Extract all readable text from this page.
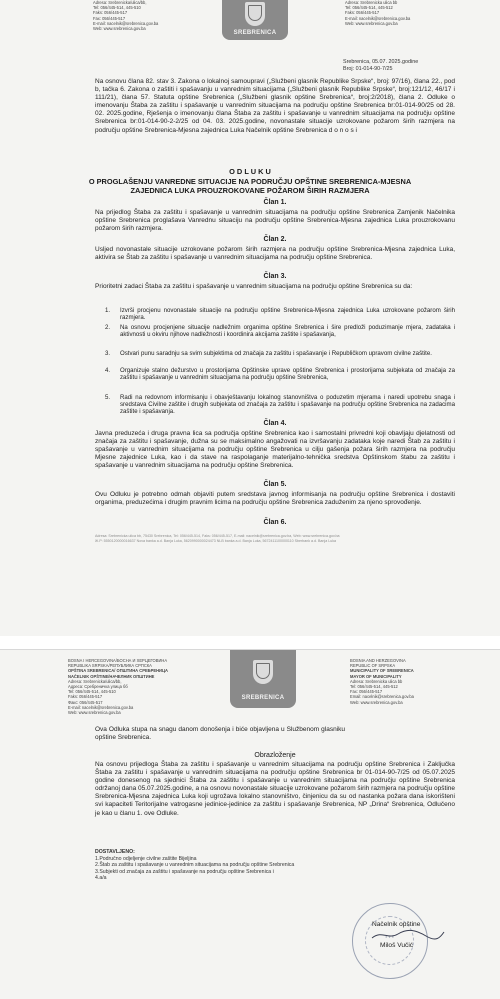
Adresa: Srebrenicka/ulica/bb,
Tel: 056/445-514, 445-510
Faks: 056/445-517
Fax: 056/445-517
E-mail: nacelnik@srebrenica.gov.ba
Web: www.srebrenica.gov.ba
SREBRENICA
Adresa: Srebrenicka ulica bb
Tel: 056/445-514, 445-512
Faks: 056/445-517
E-mail: nacelnik@srebrenica.gov.ba
Web: www.srebrenica.gov.ba
Srebrenica, 05.07. 2025.godine
Broj: 01-014-90-7/25
Na osnovu člana 82. stav 3. Zakona o lokalnoj samoupravi („Službeni glasnik Republike Srpske“, broj: 97/16), člana 22., pod b, tačka 6. Zakona o zaštiti i spašavanju u vanrednim situacijama („Službeni glasnik Republike Srpske“, broj:121/12, 46/17 i 111/21), člana 57. Statuta opštine Srebrenica („Službeni glasnik opštine Srebrenica“, broj:2/2018), člana 2. Odluke o imenovanju Štaba za zaštitu i spašavanje u vanrednim situacijama na području opštine Srebrenica br:01-014-90/25 od 28. 02. 2025.godine, Rješenja o imenovanju člana Štaba za zaštitu i spašavanje u vanrednim situacijama na području opštine Srebrenica br:01-014-90-2-2/25 od 04. 03. 2025.godine, novonastale situacije uzrokovane požarom širih razmjera na području opštine Srebrenica-Mjesna zajednica Luka Načelnik opštine Srebrenica d o n o s i
O D L U K U
O PROGLAŠENJU VANREDNE SITUACIJE NA PODRUČJU OPŠTINE SREBRENICA-MJESNA ZAJEDNICA LUKA PROUZROKOVANE POŽAROM ŠIRIH RAZMJERA
Član 1.
Na prijedlog Štaba za zaštitu i spašavanje u vanrednim situacijama na području opštine Srebrenica Zamjenik Načelnika opštine Srebrenica proglašava Vanrednu situaciju na području opštine Srebrenica-Mjesna zajednica Luka prouzrokovanu požarom širih razmjera.
Član 2.
Usljed novonastale situacije uzrokovane požarom širih razmjera na području opštine Srebrenica-Mjesna zajednica Luka, aktivira se Štab za zaštitu i spašavanje u vanrednim situacijama na području opštine Srebrenica.
Član 3.
Prioritetni zadaci Štaba za zaštitu i spašavanje u vanrednim situacijama na području opštine Srebrenica su da:
1. Izvrši procjenu novonastale situacije na području opštine Srebrenica-Mjesna zajednica Luka uzrokovane požarom širih razmjera.
2. Na osnovu procjenjene situacije nadležnim organima opštine Srebrenica i šire predloži poduzimanje mjera, zadataka i aktivnosti u okviru njihove nadležnosti i koordinira akcijama zaštite i spašavanja,
3. Ostvari punu saradnju sa svim subjektima od značaja za zaštitu i spašavanje i Republičkom upravom civilne zaštite.
4. Organizuje stalno dežurstvo u prostorijama Opštinske uprave opštine Srebrenica i prostorijama subjekata od značaja za zaštitu i spašavanje u vanrednim situacijama na području opštine Srebrenica,
5. Radi na redovnom informisanju i obavještavanju lokalnog stanovništva o poduzetim mjerama i naredi upotrebu snaga i sredstava Civilne zaštite i drugih subjekata od značaja za zaštitu i spašavanje na području opštine Srebrenica na zadacima zaštite i spašavanja.
Član 4.
Javna preduzeća i druga pravna lica sa područja opštine Srebrenica kao i samostalni privredni koji obavljaju djelatnosti od značaja za zaštitu i spašavanje, dužna su se maksimalno angažovati na izvršavanju zadataka koje naredi Štab za zaštitu i spašavanje u vanrednim situacijama na području opštine Srebrenica u cilju gašenja požara širih razmjera na području Mjesne zajednice Luka, kao i da stave na raspolaganje materijalno-tehnička sredstva Opštinskom štabu za zaštitu i spašavanje u vanrednim situacijama na području opštine Srebrenica.
Član 5.
Ovu Odluku je potrebno odmah objaviti putem sredstava javnog informisanja na području opštine Srebrenica i dostaviti organima, preduzećima i drugim pravnim licima na području opštine Srebrenica zaduženim za njeno sprovođenje.
Član 6.
Adresa: Srebrenicka ulica bb, 75430 Srebrenica, Tel: 056/445-514, Faks: 056/445-517, E-mail: nacelnik@srebrenica.gov.ba, Web: www.srebrenica.gov.ba
Ж.Р: 5550120000016637 Nova banka a.d. Banja Luka, 5620990000024473 NLB banka a.d. Banja Luka, 5672411100000110 Sberbank a.d. Banja Luka
BOSNA I HERCEGOVINA/БОСНА И ХЕРЦЕГОВИНА
REPUBLIKA SRPSKA/РЕПУБЛИКА СРПСКА
OPŠTINA SREBRENICA/ ОПШТИНА СРЕБРЕНИЦА
NAČELNIK OPŠTINE/НАЧЕЛНИК ОПШТИНЕ
Adresa: Srebrenicka/ulica/bb,
Адреса: Сребреничка улица бб
Tel: 056/445-514, 445-510
Faks: 056/445-517
Факс: 056/445-517
E-mail: nacelnik@srebrenica.gov.ba
Web: www.srebrenica.gov.ba
SREBRENICA
BOSNIA AND HERZEGOVINA
REPUBLIC OF SRPSKA
MUNICIPALITY OF SREBRENICA
MAYOR OF MUNICIPALITY
Adresa: Srebrenicka ulica bb
Tel: 056/445-514, 445-512
Fax: 056/445-517
Email: nacelnik@srebrenica.gov.ba
Web: www.srebrenica.gov.ba
Ova Odluka stupa na snagu danom donošenja i biće objavljena u Službenom glasniku opštine Srebrenica.
Obrazloženje
Na osnovu prijedloga Štaba za zaštitu i spašavanje u vanrednim situacijama na području opštine Srebrenica i Zaključka Štaba za zaštitu i spašavanje u vanrednim situacijama na području opštine Srebrenica br 01-014-90-7/25 od 05.07.2025 godine donesenog na sjednici Štaba za zaštitu i spašavanje u vanrednim situacijama na području opštine Srebrenica održanoj dana 05.07.2025.godine, a na osnovu novonastale situacije uzrokovane požarom širih razmjera na području opštine Srebrenica-Mjesna zajednica Luka koji ugrožava lokalno stanovništvo, činjenicu da su od nastanka požara dana iskorišteni svi kapaciteti Teritorijalne vatrogasne jedinice-jedinice za zaštitu i spašavanje Srebrenica, NP „Drina“ Srebrenica, Odlučeno je kao u članu 1. ove Odluke.
DOSTAVLJENO:
1.Područno odjeljenje civilne zaštite Bijeljina
2.Štab za zaštitu i spašavanje u vanrednim situacijama na području opštine Srebrenica
3.Subjekti od značaja za zaštitu i spašavanje na području opštine Srebrenica i
4.a/a
* * *
Načelnik opštine
Miloš Vučić
